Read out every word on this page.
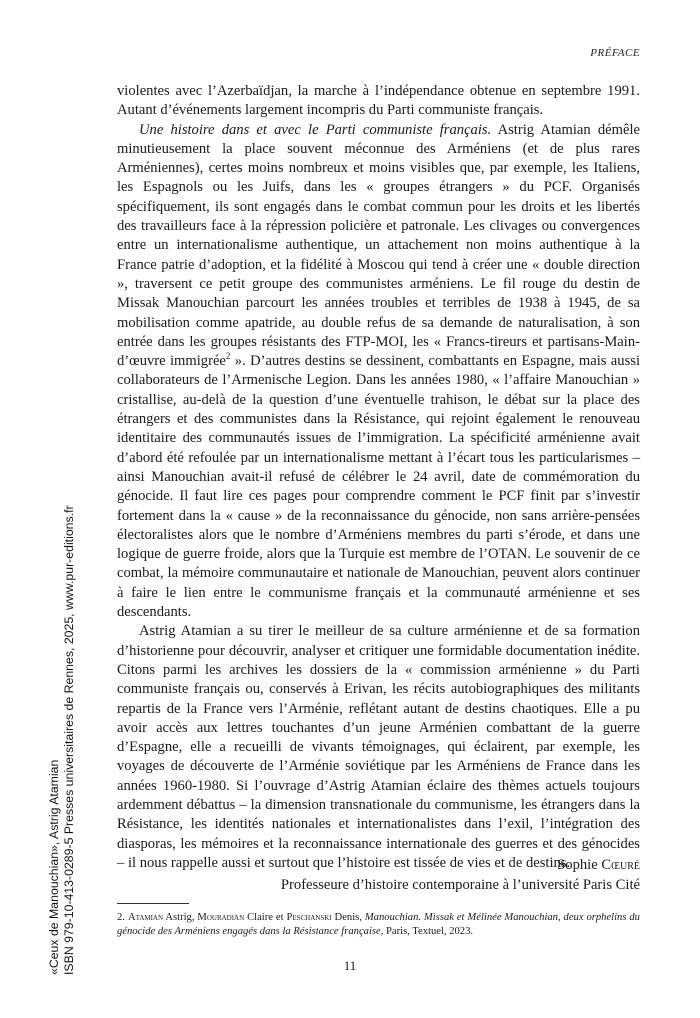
PRÉFACE

violentes avec l’Azerbaïdjan, la marche à l’indépendance obtenue en septembre 1991. Autant d’événements largement incompris du Parti communiste français.

Une histoire dans et avec le Parti communiste français. Astrig Atamian démêle minutieusement la place souvent méconnue des Arméniens (et de plus rares Arméniennes), certes moins nombreux et moins visibles que, par exemple, les Italiens, les Espagnols ou les Juifs, dans les « groupes étrangers » du PCF. Organisés spécifiquement, ils sont engagés dans le combat commun pour les droits et les libertés des travailleurs face à la répression policière et patronale. Les clivages ou convergences entre un internationalisme authentique, un attachement non moins authentique à la France patrie d’adoption, et la fidélité à Moscou qui tend à créer une « double direction », traversent ce petit groupe des communistes arméniens. Le fil rouge du destin de Missak Manouchian parcourt les années troubles et terribles de 1938 à 1945, de sa mobilisation comme apatride, au double refus de sa demande de naturalisation, à son entrée dans les groupes résistants des FTP-MOI, les « Francs-tireurs et partisans-Main-d’œuvre immigrée$^2$ ». D’autres destins se dessinent, combattants en Espagne, mais aussi collaborateurs de l’Armenische Legion. Dans les années 1980, « l’affaire Manouchian » cristallise, au-delà de la question d’une éventuelle trahison, le débat sur la place des étrangers et des communistes dans la Résistance, qui rejoint également le renouveau identitaire des communautés issues de l’immigration. La spécificité arménienne avait d’abord été refoulée par un internationalisme mettant à l’écart tous les particularismes – ainsi Manouchian avait-il refusé de célébrer le 24 avril, date de commémoration du génocide. Il faut lire ces pages pour comprendre comment le PCF finit par s’investir fortement dans la « cause » de la reconnaissance du génocide, non sans arrière-pensées électoralistes alors que le nombre d’Arméniens membres du parti s’érode, et dans une logique de guerre froide, alors que la Turquie est membre de l’OTAN. Le souvenir de ce combat, la mémoire communautaire et nationale de Manouchian, peuvent alors continuer à faire le lien entre le communisme français et la communauté arménienne et ses descendants.

Astrig Atamian a su tirer le meilleur de sa culture arménienne et de sa formation d’historienne pour découvrir, analyser et critiquer une formidable documentation inédite. Citons parmi les archives les dossiers de la « commission arménienne » du Parti communiste français ou, conservés à Erivan, les récits autobiographiques des militants repartis de la France vers l’Arménie, reflétant autant de destins chaotiques. Elle a pu avoir accès aux lettres touchantes d’un jeune Arménien combattant de la guerre d’Espagne, elle a recueilli de vivants témoignages, qui éclairent, par exemple, les voyages de découverte de l’Arménie soviétique par les Arméniens de France dans les années 1960-1980. Si l’ouvrage d’Astrig Atamian éclaire des thèmes actuels toujours ardemment débattus – la dimension transnationale du communisme, les étrangers dans la Résistance, les identités nationales et internationalistes dans l’exil, l’intégration des diasporas, les mémoires et la reconnaissance internationale des guerres et des génocides – il nous rappelle aussi et surtout que l’histoire est tissée de vies et de destins.

Sophie Cœuré
Professeure d’histoire contemporaine à l’université Paris Cité
2. Atamian Astrig, Mouradian Claire et Peschanski Denis, Manouchian. Missak et Mélinée Manouchian, deux orphelins du génocide des Arméniens engagés dans la Résistance française, Paris, Textuel, 2023.
11
«Ceux de Manouchian», Astrig Atamian ISBN 979-10-413-0289-5 Presses universitaires de Rennes, 2025, www.pur-editions.fr
